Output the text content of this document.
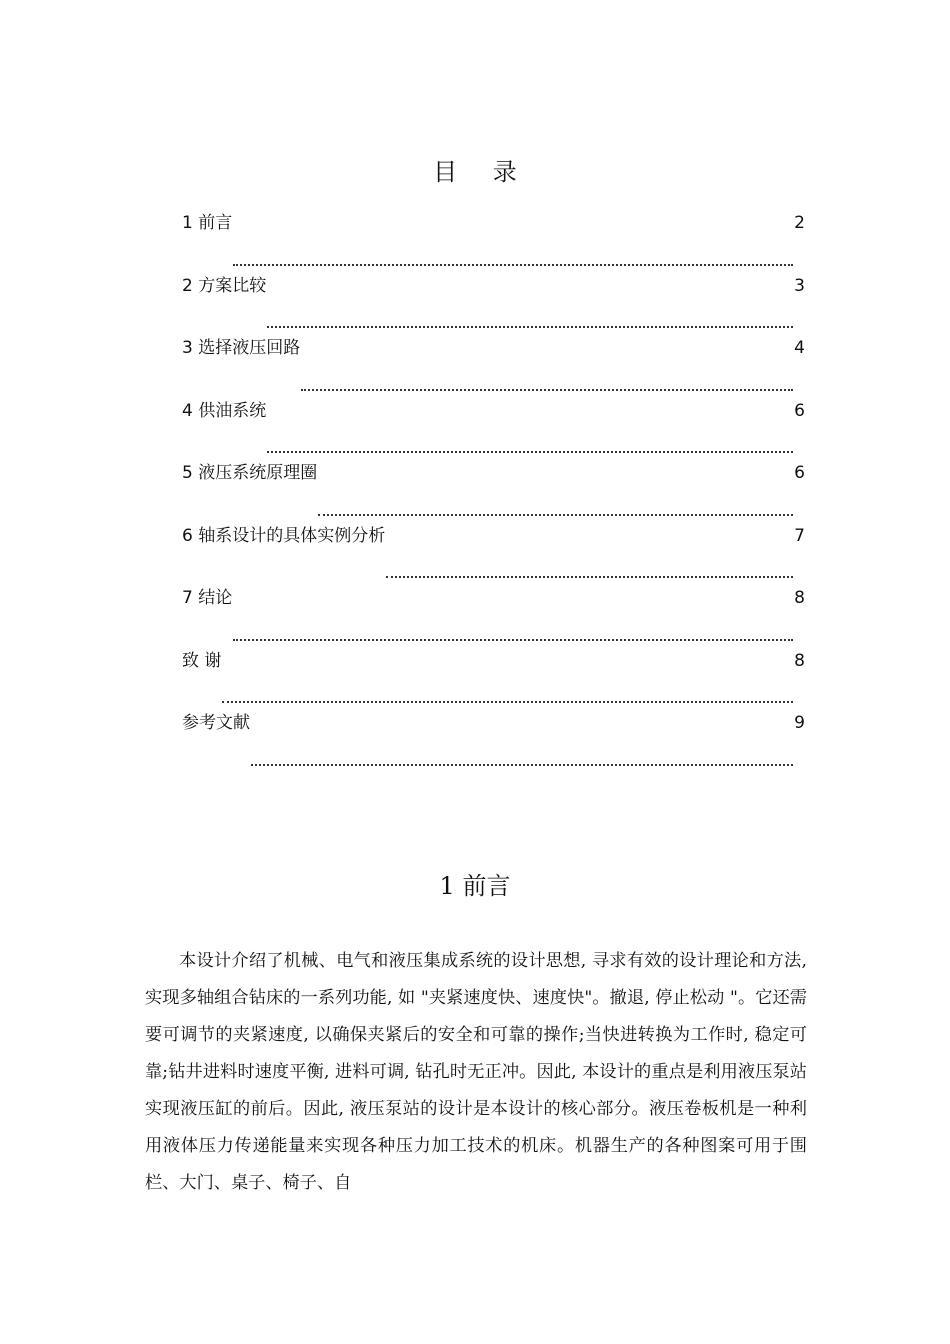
目 录
1 前言	2
2 方案比较	3
3 选择液压回路	4
4 供油系统	6
5 液压系统原理圈	6
6 轴系设计的具体实例分析	7
7 结论	8
致 谢	8
参考文献	9
1 前言

本设计介绍了机械、电气和液压集成系统的设计思想, 寻求有效的设计理论和方法, 实现多轴组合钻床的一系列功能, 如 "夹紧速度快、速度快"。撤退, 停止松动 "。它还需要可调节的夹紧速度, 以确保夹紧后的安全和可靠的操作;当快进转换为工作时, 稳定可靠;钻井进料时速度平衡, 进料可调, 钻孔时无正冲。因此, 本设计的重点是利用液压泵站实现液压缸的前后。因此, 液压泵站的设计是本设计的核心部分。液压卷板机是一种利用液体压力传递能量来实现各种压力加工技术的机床。机器生产的各种图案可用于围栏、大门、桌子、椅子、自
